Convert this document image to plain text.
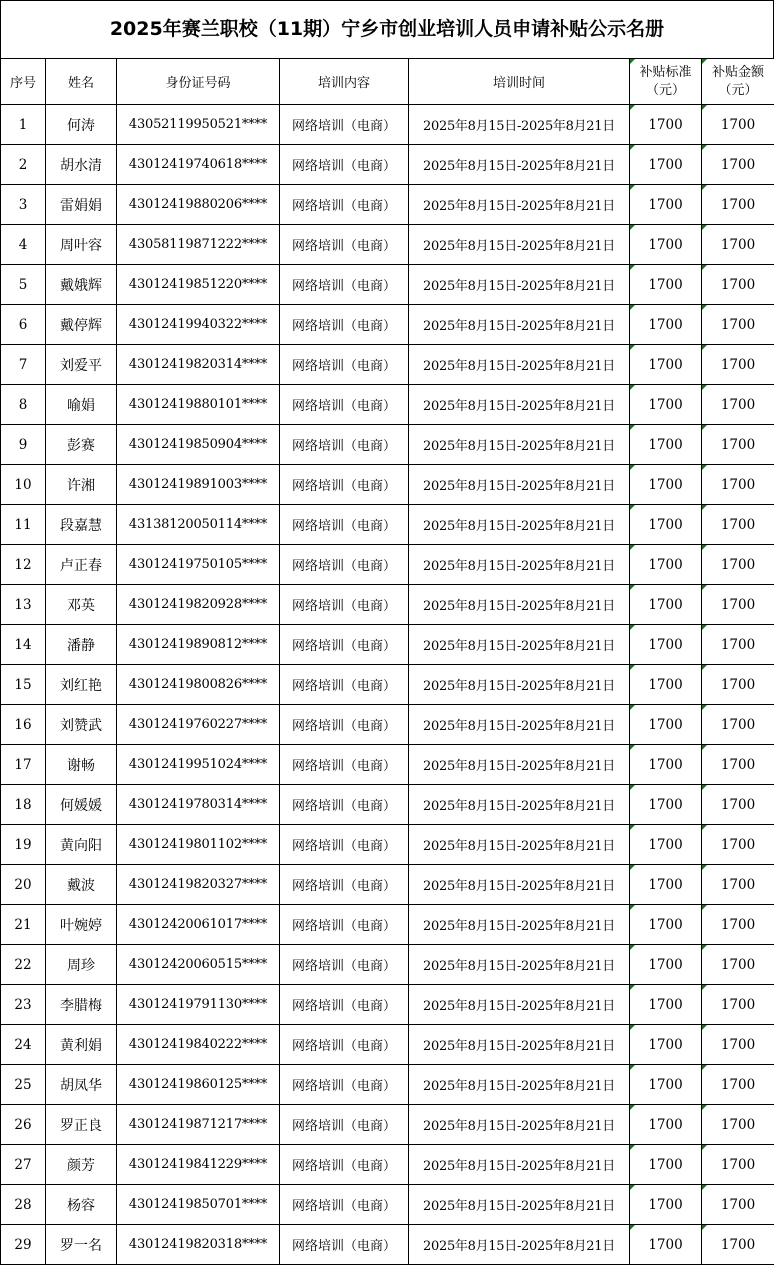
2025年赛兰职校（11期）宁乡市创业培训人员申请补贴公示名册
序号	姓名	身份证号码	培训内容	培训时间	补贴标准（元）	补贴金额（元）
1	何涛	43052119950521****	网络培训（电商）	2025年8月15日-2025年8月21日	1700	1700
2	胡水清	43012419740618****	网络培训（电商）	2025年8月15日-2025年8月21日	1700	1700
3	雷娟娟	43012419880206****	网络培训（电商）	2025年8月15日-2025年8月21日	1700	1700
4	周叶容	43058119871222****	网络培训（电商）	2025年8月15日-2025年8月21日	1700	1700
5	戴娥辉	43012419851220****	网络培训（电商）	2025年8月15日-2025年8月21日	1700	1700
6	戴停辉	43012419940322****	网络培训（电商）	2025年8月15日-2025年8月21日	1700	1700
7	刘爱平	43012419820314****	网络培训（电商）	2025年8月15日-2025年8月21日	1700	1700
8	喻娟	43012419880101****	网络培训（电商）	2025年8月15日-2025年8月21日	1700	1700
9	彭赛	43012419850904****	网络培训（电商）	2025年8月15日-2025年8月21日	1700	1700
10	许湘	43012419891003****	网络培训（电商）	2025年8月15日-2025年8月21日	1700	1700
11	段嘉慧	43138120050114****	网络培训（电商）	2025年8月15日-2025年8月21日	1700	1700
12	卢正春	43012419750105****	网络培训（电商）	2025年8月15日-2025年8月21日	1700	1700
13	邓英	43012419820928****	网络培训（电商）	2025年8月15日-2025年8月21日	1700	1700
14	潘静	43012419890812****	网络培训（电商）	2025年8月15日-2025年8月21日	1700	1700
15	刘红艳	43012419800826****	网络培训（电商）	2025年8月15日-2025年8月21日	1700	1700
16	刘赞武	43012419760227****	网络培训（电商）	2025年8月15日-2025年8月21日	1700	1700
17	谢畅	43012419951024****	网络培训（电商）	2025年8月15日-2025年8月21日	1700	1700
18	何媛媛	43012419780314****	网络培训（电商）	2025年8月15日-2025年8月21日	1700	1700
19	黄向阳	43012419801102****	网络培训（电商）	2025年8月15日-2025年8月21日	1700	1700
20	戴波	43012419820327****	网络培训（电商）	2025年8月15日-2025年8月21日	1700	1700
21	叶婉婷	43012420061017****	网络培训（电商）	2025年8月15日-2025年8月21日	1700	1700
22	周珍	43012420060515****	网络培训（电商）	2025年8月15日-2025年8月21日	1700	1700
23	李腊梅	43012419791130****	网络培训（电商）	2025年8月15日-2025年8月21日	1700	1700
24	黄利娟	43012419840222****	网络培训（电商）	2025年8月15日-2025年8月21日	1700	1700
25	胡凤华	43012419860125****	网络培训（电商）	2025年8月15日-2025年8月21日	1700	1700
26	罗正良	43012419871217****	网络培训（电商）	2025年8月15日-2025年8月21日	1700	1700
27	颜芳	43012419841229****	网络培训（电商）	2025年8月15日-2025年8月21日	1700	1700
28	杨容	43012419850701****	网络培训（电商）	2025年8月15日-2025年8月21日	1700	1700
29	罗一名	43012419820318****	网络培训（电商）	2025年8月15日-2025年8月21日	1700	1700
